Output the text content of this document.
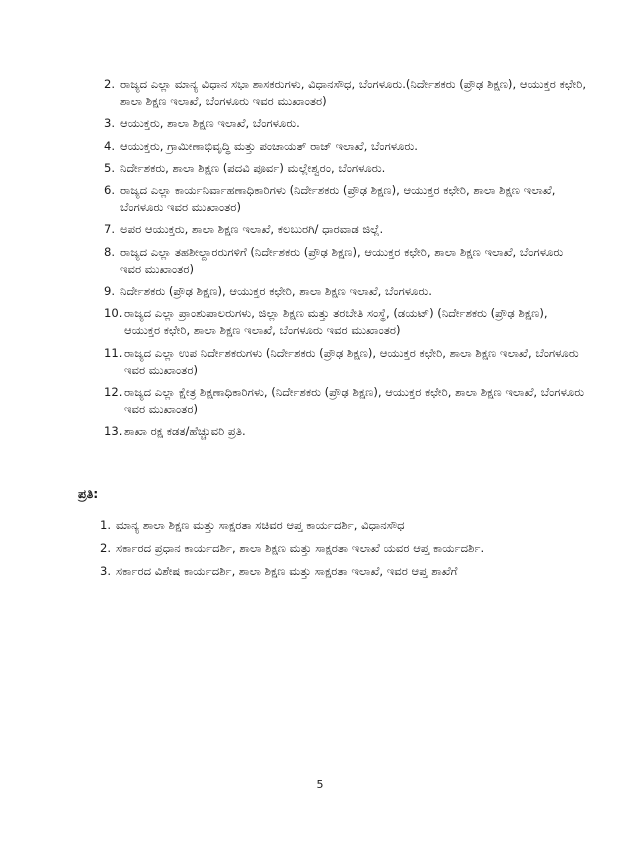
2. ರಾಜ್ಯದ ಎಲ್ಲಾ ಮಾನ್ಯ ವಿಧಾನ ಸಭಾ ಶಾಸಕರುಗಳು, ವಿಧಾನಸೌಧ, ಬೆಂಗಳೂರು.(ನಿರ್ದೇಶಕರು (ಪ್ರೌಢ ಶಿಕ್ಷಣ), ಆಯುಕ್ತರ ಕಛೇರಿ, ಶಾಲಾ ಶಿಕ್ಷಣ ಇಲಾಖೆ, ಬೆಂಗಳೂರು ಇವರ ಮುಖಾಂತರ)
3. ಆಯುಕ್ತರು, ಶಾಲಾ ಶಿಕ್ಷಣ ಇಲಾಖೆ, ಬೆಂಗಳೂರು.
4. ಆಯುಕ್ತರು, ಗ್ರಾಮೀಣಾಭಿವೃದ್ಧಿ ಮತ್ತು ಪಂಚಾಯತ್ ರಾಜ್ ಇಲಾಖೆ, ಬೆಂಗಳೂರು.
5. ನಿರ್ದೇಶಕರು, ಶಾಲಾ ಶಿಕ್ಷಣ (ಪದವಿ ಪೂರ್ವ) ಮಲ್ಲೇಶ್ವರಂ, ಬೆಂಗಳೂರು.
6. ರಾಜ್ಯದ ಎಲ್ಲಾ ಕಾರ್ಯನಿರ್ವಾಹಣಾಧಿಕಾರಿಗಳು (ನಿರ್ದೇಶಕರು (ಪ್ರೌಢ ಶಿಕ್ಷಣ), ಆಯುಕ್ತರ ಕಛೇರಿ, ಶಾಲಾ ಶಿಕ್ಷಣ ಇಲಾಖೆ, ಬೆಂಗಳೂರು ಇವರ ಮುಖಾಂತರ)
7. ಅಪರ ಆಯುಕ್ತರು, ಶಾಲಾ ಶಿಕ್ಷಣ ಇಲಾಖೆ, ಕಲಬುರಗಿ/ ಧಾರವಾಡ ಜಿಲ್ಲೆ.
8. ರಾಜ್ಯದ ಎಲ್ಲಾ ತಹಶೀಲ್ದಾರರುಗಳಿಗೆ (ನಿರ್ದೇಶಕರು (ಪ್ರೌಢ ಶಿಕ್ಷಣ), ಆಯುಕ್ತರ ಕಛೇರಿ, ಶಾಲಾ ಶಿಕ್ಷಣ ಇಲಾಖೆ, ಬೆಂಗಳೂರು ಇವರ ಮುಖಾಂತರ)
9. ನಿರ್ದೇಶಕರು (ಪ್ರೌಢ ಶಿಕ್ಷಣ), ಆಯುಕ್ತರ ಕಛೇರಿ, ಶಾಲಾ ಶಿಕ್ಷಣ ಇಲಾಖೆ, ಬೆಂಗಳೂರು.
10. ರಾಜ್ಯದ ಎಲ್ಲಾ ಪ್ರಾಂಶುಪಾಲರುಗಳು, ಜಿಲ್ಲಾ ಶಿಕ್ಷಣ ಮತ್ತು ತರಬೇತಿ ಸಂಸ್ಥೆ, (ಡಯಟ್) (ನಿರ್ದೇಶಕರು (ಪ್ರೌಢ ಶಿಕ್ಷಣ), ಆಯುಕ್ತರ ಕಛೇರಿ, ಶಾಲಾ ಶಿಕ್ಷಣ ಇಲಾಖೆ, ಬೆಂಗಳೂರು ಇವರ ಮುಖಾಂತರ)
11. ರಾಜ್ಯದ ಎಲ್ಲಾ ಉಪ ನಿರ್ದೇಶಕರುಗಳು (ನಿರ್ದೇಶಕರು (ಪ್ರೌಢ ಶಿಕ್ಷಣ), ಆಯುಕ್ತರ ಕಛೇರಿ, ಶಾಲಾ ಶಿಕ್ಷಣ ಇಲಾಖೆ, ಬೆಂಗಳೂರು ಇವರ ಮುಖಾಂತರ)
12. ರಾಜ್ಯದ ಎಲ್ಲಾ ಕ್ಷೇತ್ರ ಶಿಕ್ಷಣಾಧಿಕಾರಿಗಳು, (ನಿರ್ದೇಶಕರು (ಪ್ರೌಢ ಶಿಕ್ಷಣ), ಆಯುಕ್ತರ ಕಛೇರಿ, ಶಾಲಾ ಶಿಕ್ಷಣ ಇಲಾಖೆ, ಬೆಂಗಳೂರು ಇವರ ಮುಖಾಂತರ)
13. ಶಾಖಾ ರಕ್ಷ ಕಡತ/ಹೆಚ್ಚುವರಿ ಪ್ರತಿ.
ಪ್ರತಿ:
1. ಮಾನ್ಯ ಶಾಲಾ ಶಿಕ್ಷಣ ಮತ್ತು ಸಾಕ್ಷರತಾ ಸಚಿವರ ಆಪ್ತ ಕಾರ್ಯದರ್ಶಿ, ವಿಧಾನಸೌಧ
2. ಸರ್ಕಾರದ ಪ್ರಧಾನ ಕಾರ್ಯದರ್ಶಿ, ಶಾಲಾ ಶಿಕ್ಷಣ ಮತ್ತು ಸಾಕ್ಷರತಾ ಇಲಾಖೆ ಯವರ ಆಪ್ತ ಕಾರ್ಯದರ್ಶಿ.
3. ಸರ್ಕಾರದ ವಿಶೇಷ ಕಾರ್ಯದರ್ಶಿ, ಶಾಲಾ ಶಿಕ್ಷಣ ಮತ್ತು ಸಾಕ್ಷರತಾ ಇಲಾಖೆ, ಇವರ ಆಪ್ತ ಶಾಖೆಗೆ
5
